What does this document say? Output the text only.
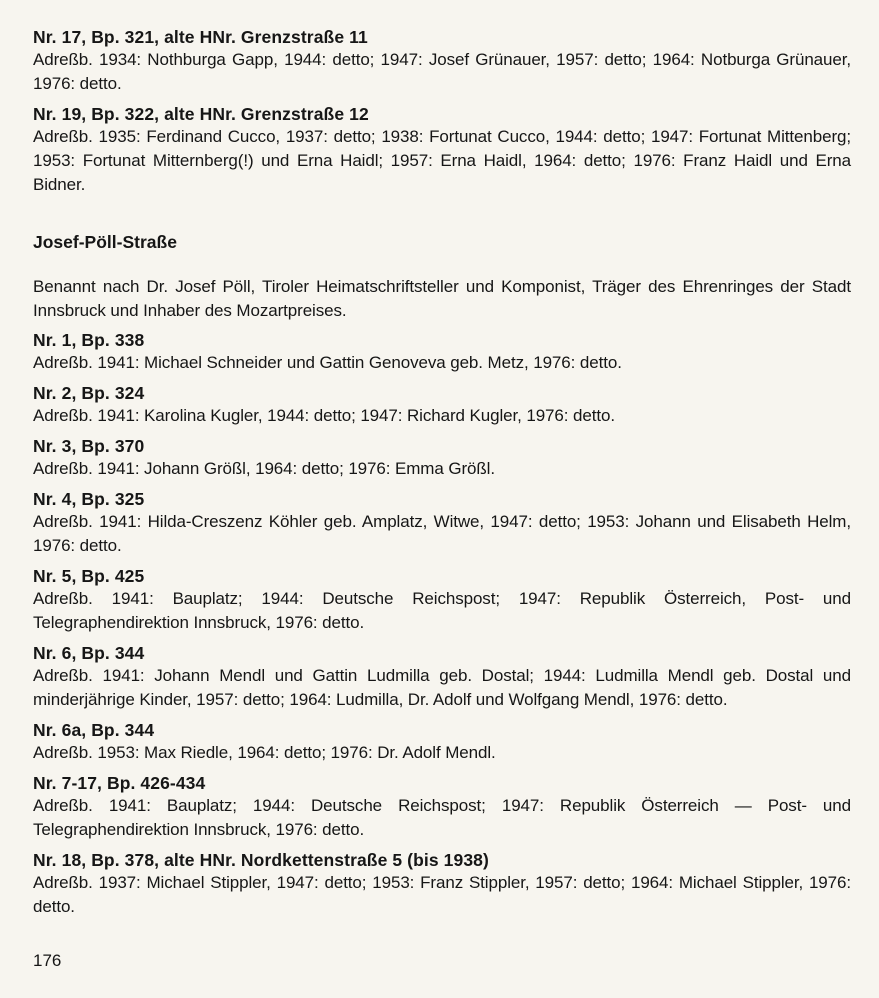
Nr. 17, Bp. 321, alte HNr. Grenzstraße 11
Adreßb. 1934: Nothburga Gapp, 1944: detto; 1947: Josef Grünauer, 1957: detto; 1964: Notburga Grünauer, 1976: detto.
Nr. 19, Bp. 322, alte HNr. Grenzstraße 12
Adreßb. 1935: Ferdinand Cucco, 1937: detto; 1938: Fortunat Cucco, 1944: detto; 1947: Fortunat Mittenberg; 1953: Fortunat Mitternberg(!) und Erna Haidl; 1957: Erna Haidl, 1964: detto; 1976: Franz Haidl und Erna Bidner.
Josef-Pöll-Straße
Benannt nach Dr. Josef Pöll, Tiroler Heimatschriftsteller und Komponist, Träger des Ehrenringes der Stadt Innsbruck und Inhaber des Mozartpreises.
Nr. 1, Bp. 338
Adreßb. 1941: Michael Schneider und Gattin Genoveva geb. Metz, 1976: detto.
Nr. 2, Bp. 324
Adreßb. 1941: Karolina Kugler, 1944: detto; 1947: Richard Kugler, 1976: detto.
Nr. 3, Bp. 370
Adreßb. 1941: Johann Größl, 1964: detto; 1976: Emma Größl.
Nr. 4, Bp. 325
Adreßb. 1941: Hilda-Creszenz Köhler geb. Amplatz, Witwe, 1947: detto; 1953: Johann und Elisabeth Helm, 1976: detto.
Nr. 5, Bp. 425
Adreßb. 1941: Bauplatz; 1944: Deutsche Reichspost; 1947: Republik Österreich, Post- und Telegraphendirektion Innsbruck, 1976: detto.
Nr. 6, Bp. 344
Adreßb. 1941: Johann Mendl und Gattin Ludmilla geb. Dostal; 1944: Ludmilla Mendl geb. Dostal und minderjährige Kinder, 1957: detto; 1964: Ludmilla, Dr. Adolf und Wolfgang Mendl, 1976: detto.
Nr. 6a, Bp. 344
Adreßb. 1953: Max Riedle, 1964: detto; 1976: Dr. Adolf Mendl.
Nr. 7-17, Bp. 426-434
Adreßb. 1941: Bauplatz; 1944: Deutsche Reichspost; 1947: Republik Österreich — Post- und Telegraphendirektion Innsbruck, 1976: detto.
Nr. 18, Bp. 378, alte HNr. Nordkettenstraße 5 (bis 1938)
Adreßb. 1937: Michael Stippler, 1947: detto; 1953: Franz Stippler, 1957: detto; 1964: Michael Stippler, 1976: detto.
176
